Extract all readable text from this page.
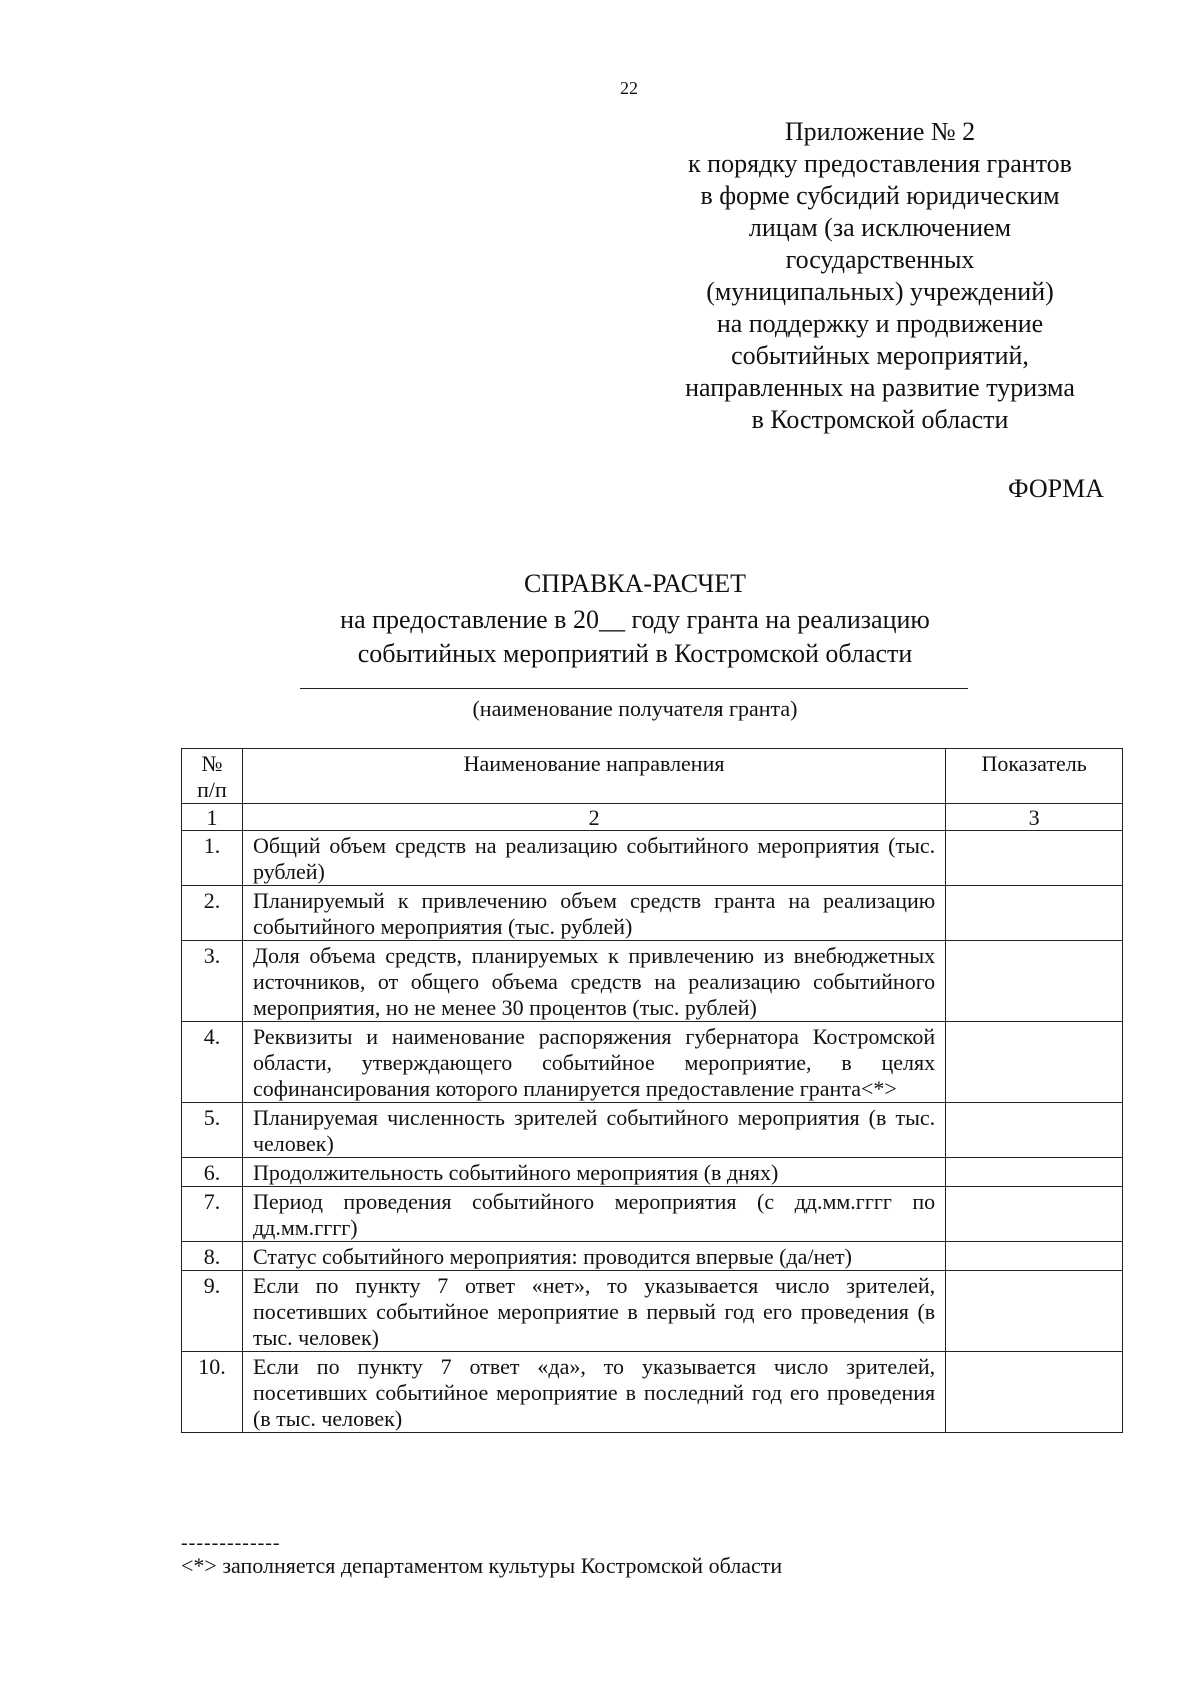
22
Приложение № 2
к порядку предоставления грантов
в форме субсидий юридическим
лицам (за исключением
государственных
(муниципальных) учреждений)
на поддержку и продвижение
событийных мероприятий,
направленных на развитие туризма
в Костромской области
ФОРМА
СПРАВКА-РАСЧЕТ
на предоставление в 20__ году гранта на реализацию
событийных мероприятий в Костромской области
(наименование получателя гранта)
№ п/п	Наименование направления	Показатель
1	2	3
1.	Общий объем средств на реализацию событийного мероприятия (тыс. рублей)	
2.	Планируемый к привлечению объем средств гранта на реализацию событийного мероприятия (тыс. рублей)	
3.	Доля объема средств, планируемых к привлечению из внебюджетных источников, от общего объема средств на реализацию событийного мероприятия, но не менее 30 процентов (тыс. рублей)	
4.	Реквизиты и наименование распоряжения губернатора Костромской области, утверждающего событийное мероприятие, в целях софинансирования которого планируется предоставление гранта<*>	
5.	Планируемая численность зрителей событийного мероприятия (в тыс. человек)	
6.	Продолжительность событийного мероприятия (в днях)	
7.	Период проведения событийного мероприятия (с дд.мм.гггг по дд.мм.гггг)	
8.	Статус событийного мероприятия: проводится впервые (да/нет)	
9.	Если по пункту 7 ответ «нет», то указывается число зрителей, посетивших событийное мероприятие в первый год его проведения (в тыс. человек)	
10.	Если по пункту 7 ответ «да», то указывается число зрителей, посетивших событийное мероприятие в последний год его проведения (в тыс. человек)	
-------------
<*> заполняется департаментом культуры Костромской области
